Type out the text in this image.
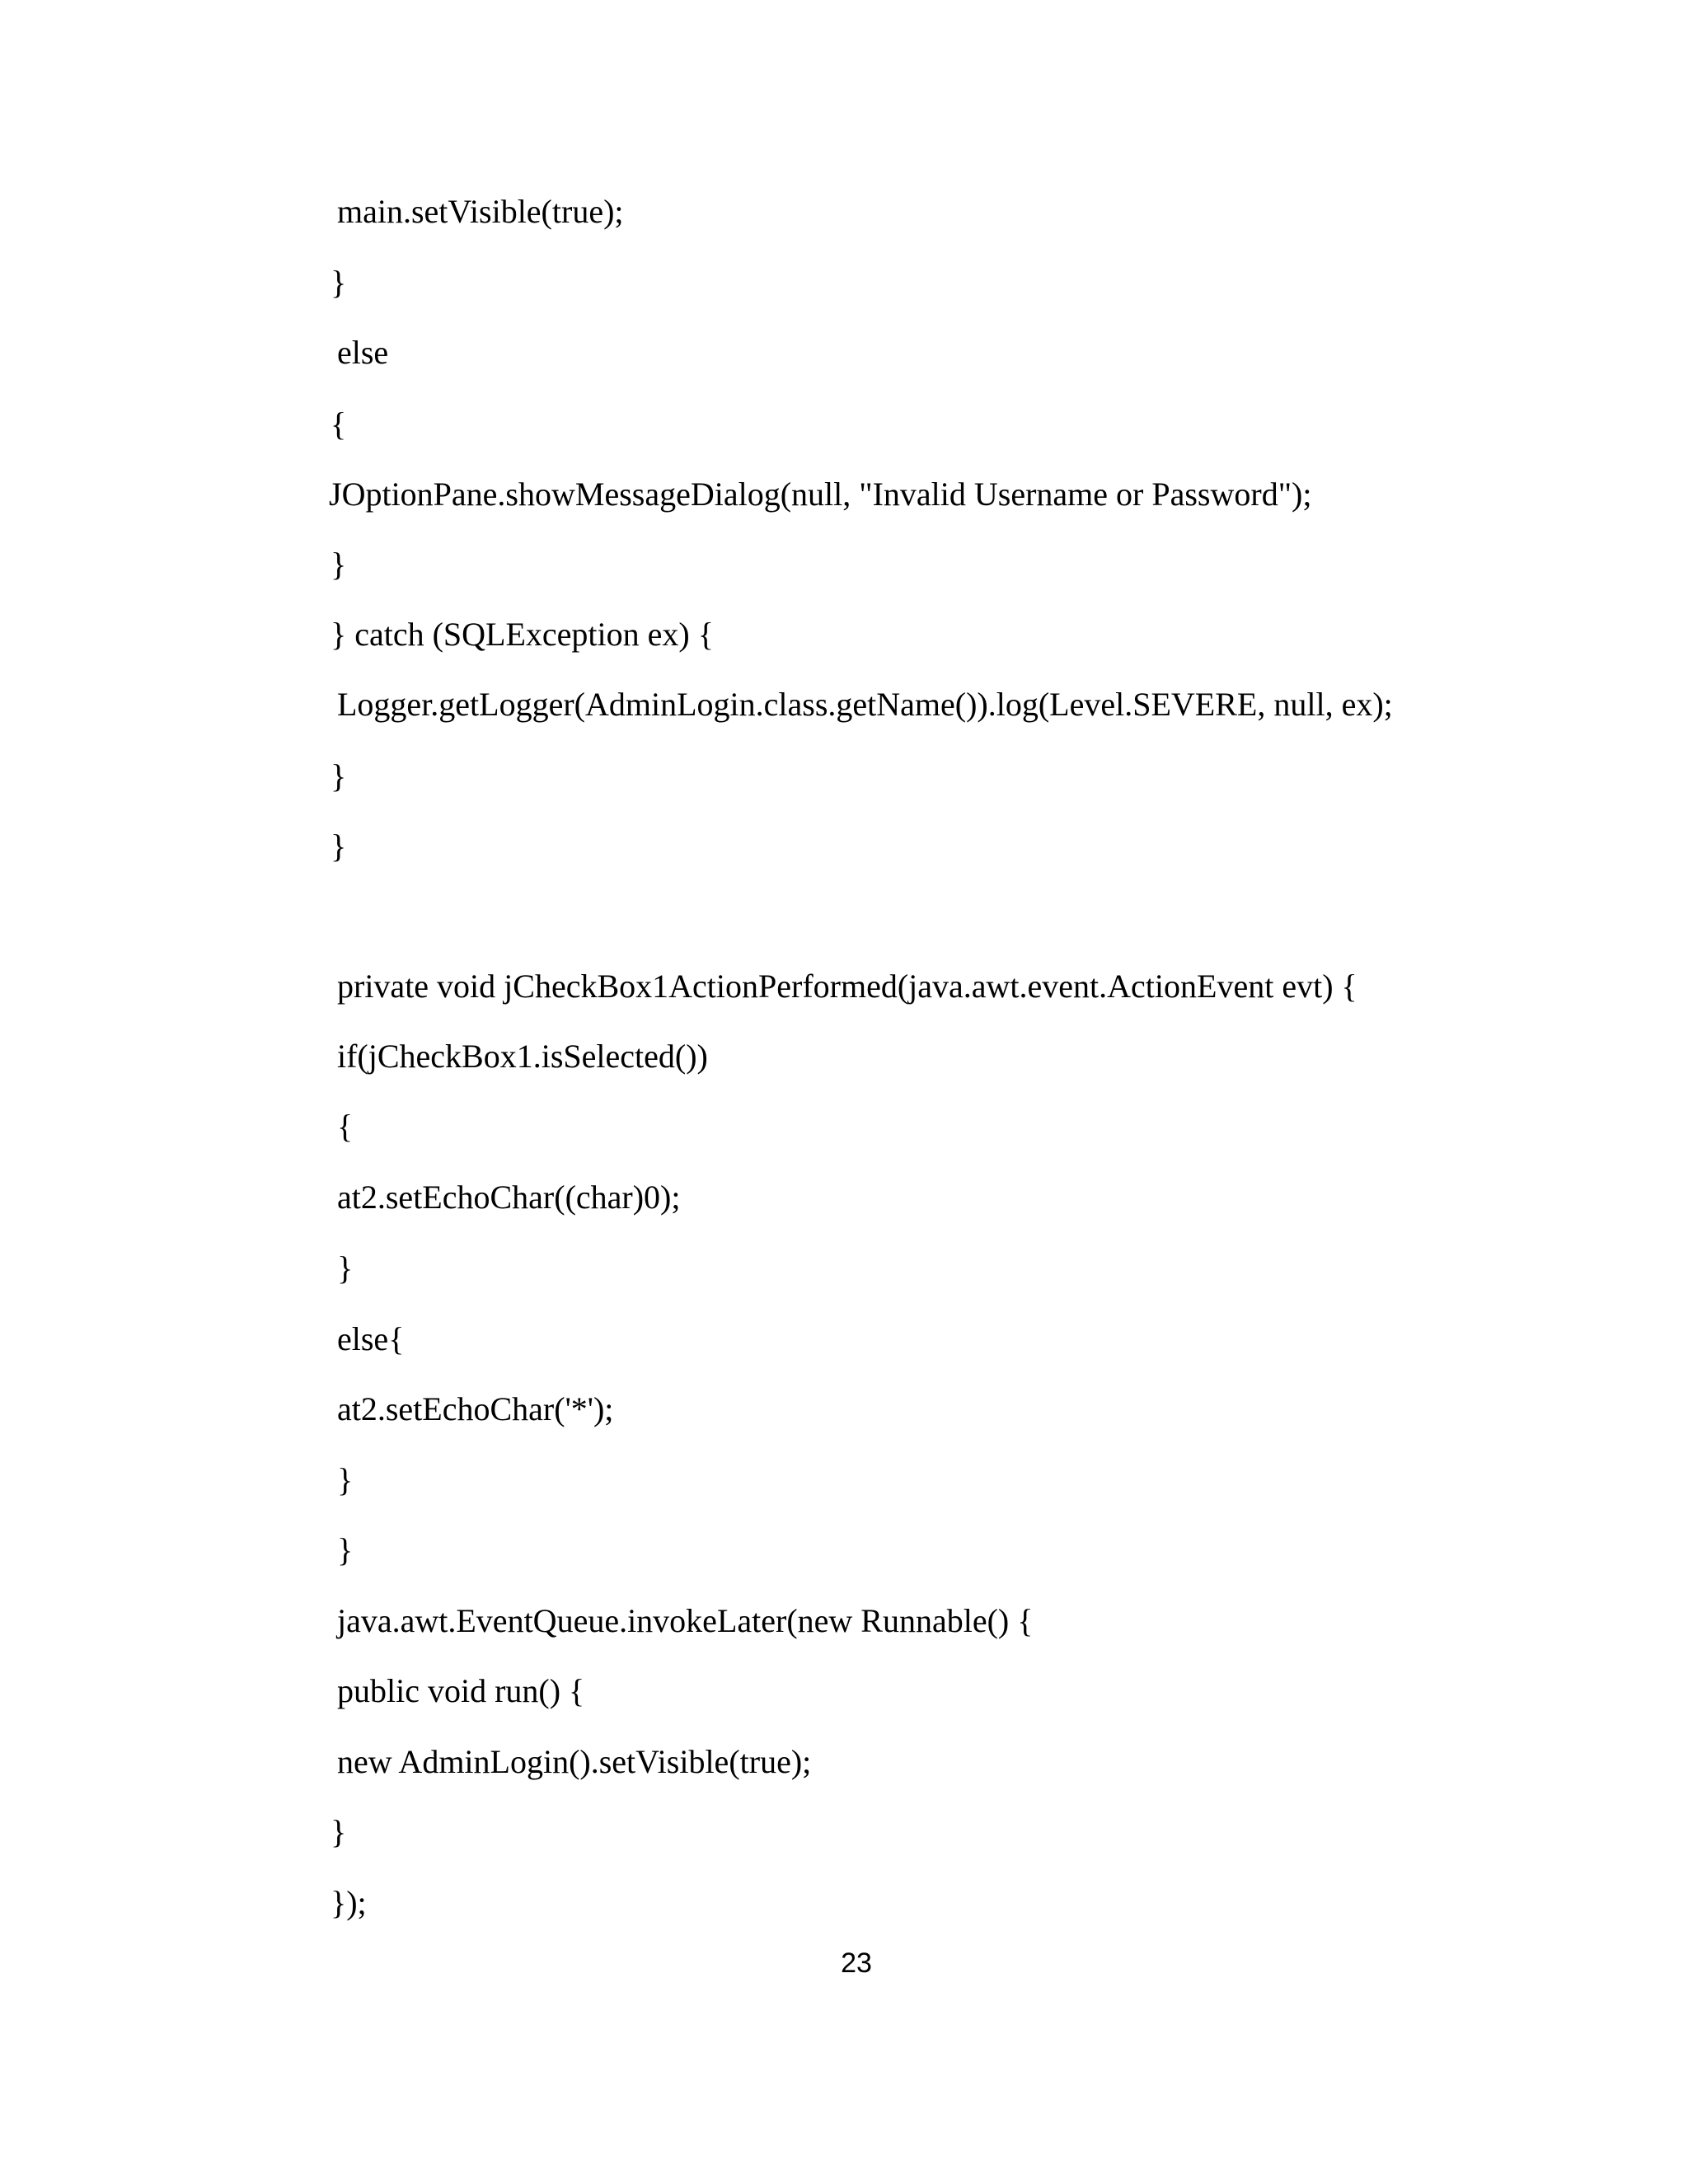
main.setVisible(true);

}

else

{

JOptionPane.showMessageDialog(null, "Invalid Username or Password");

}

} catch (SQLException ex) {

Logger.getLogger(AdminLogin.class.getName()).log(Level.SEVERE, null, ex);

}

}

private void jCheckBox1ActionPerformed(java.awt.event.ActionEvent evt) {

if(jCheckBox1.isSelected())

{

at2.setEchoChar((char)0);

}

else{

at2.setEchoChar('*');

}

}

java.awt.EventQueue.invokeLater(new Runnable() {

public void run() {

new AdminLogin().setVisible(true);

}

});

23
